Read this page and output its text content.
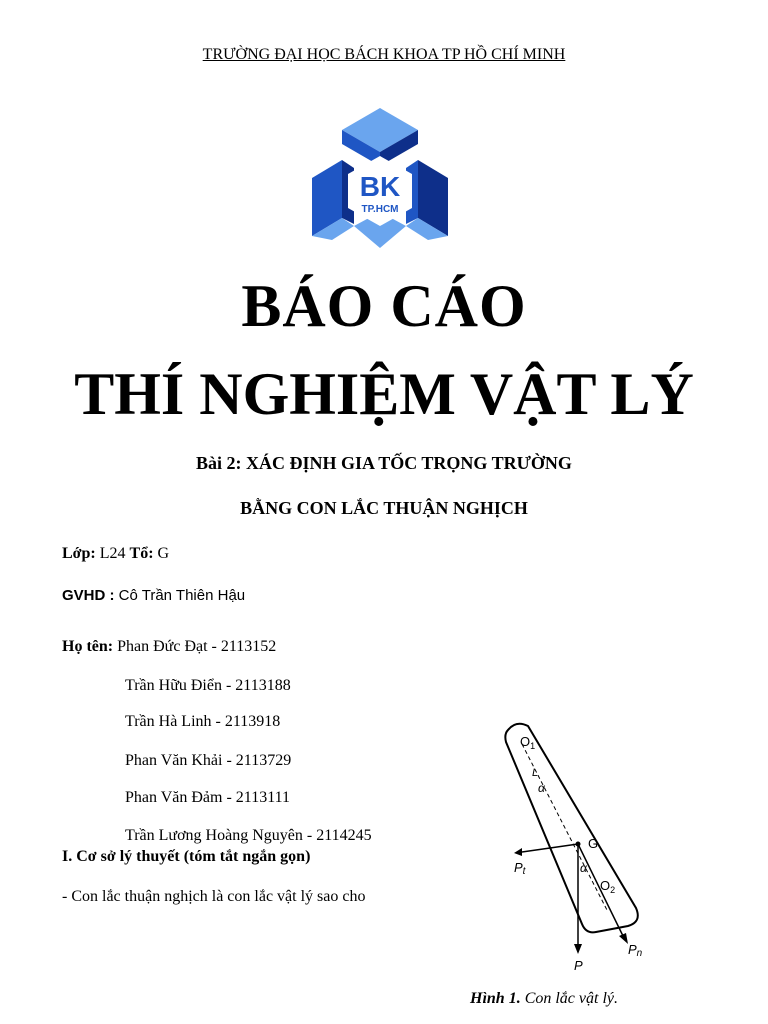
TRƯỜNG ĐẠI HỌC BÁCH KHOA TP HỒ CHÍ MINH
BK
TP.HCM
BÁO CÁO
THÍ NGHIỆM VẬT LÝ
Bài 2: XÁC ĐỊNH GIA TỐC TRỌNG TRƯỜNG
BẰNG CON LẮC THUẬN NGHỊCH
Lớp: L24 Tổ: G
GVHD : Cô Trần Thiên Hậu
Họ tên: Phan Đức Đạt - 2113152
Trần Hữu Điển - 2113188
Trần Hà Linh - 2113918
Phan Văn Khải - 2113729
Phan Văn Đảm - 2113111
Trần Lương Hoàng Nguyên - 2114245
I. Cơ sở lý thuyết (tóm tắt ngắn gọn)
- Con lắc thuận nghịch là con lắc vật lý sao cho
$O_1$
L
α
G
α
$O_2$
Pt
Pn
P
Hình 1. Con lắc vật lý.
